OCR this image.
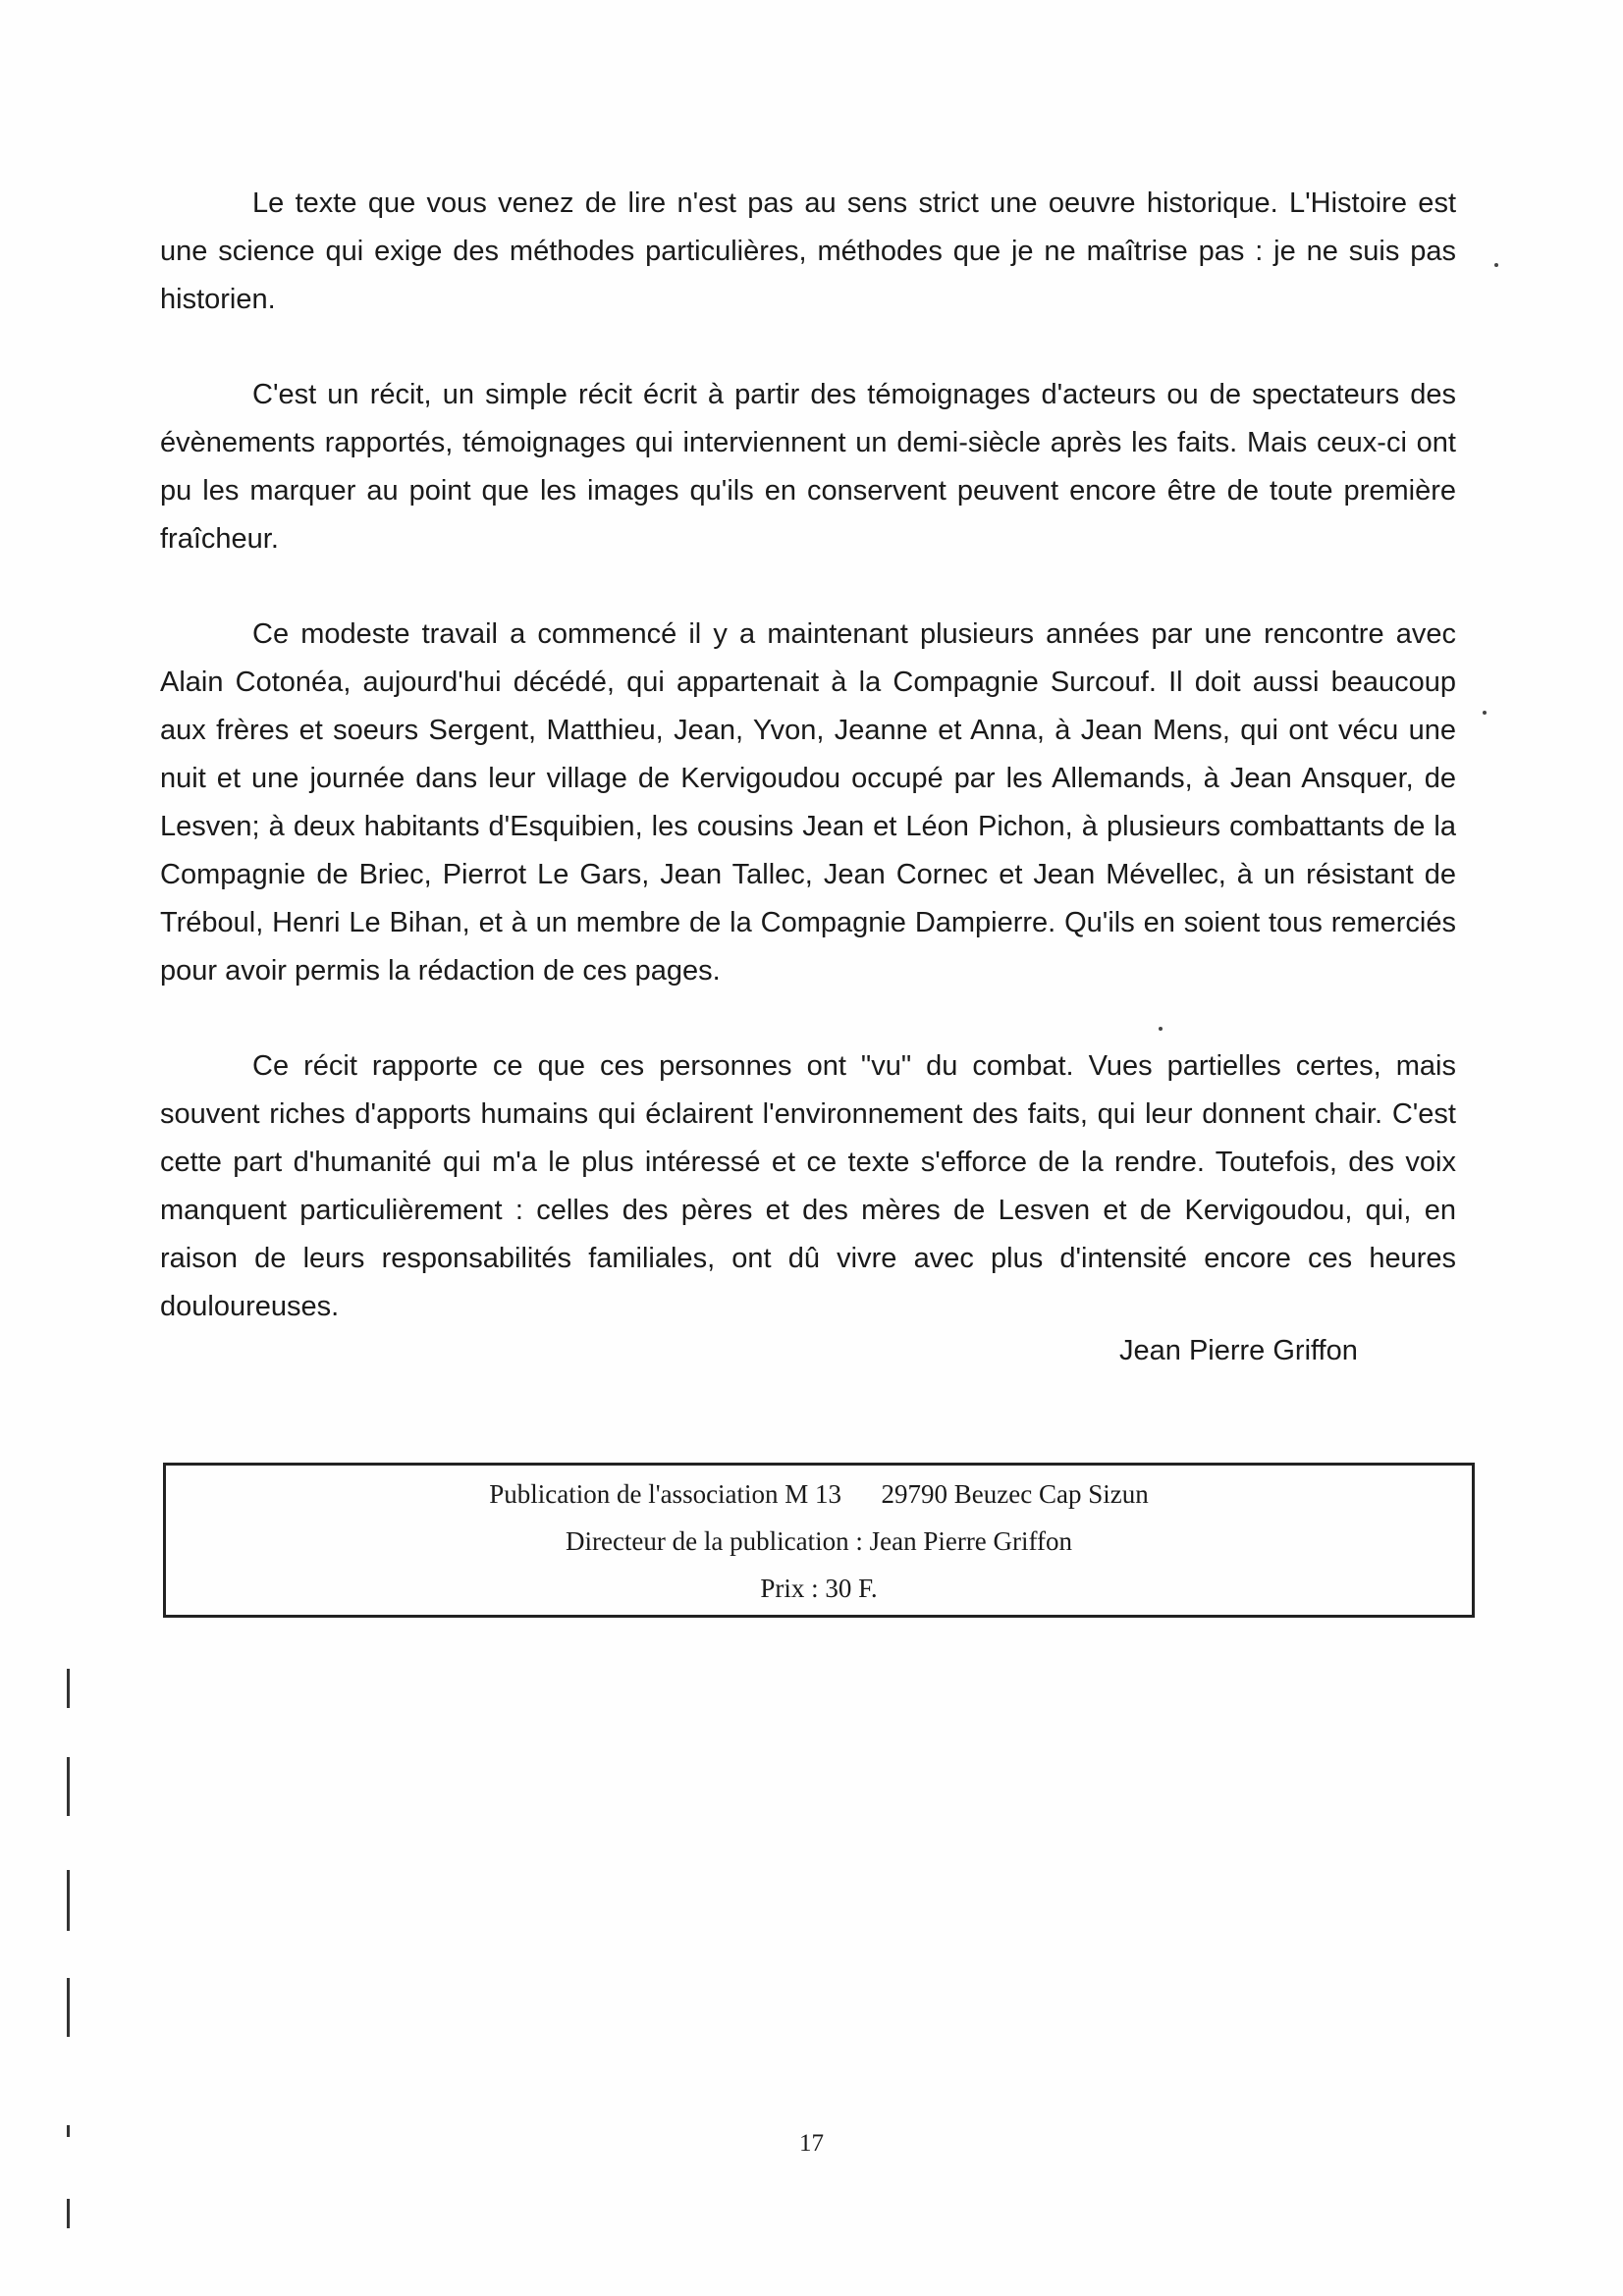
Le texte que vous venez de lire n'est pas au sens strict une oeuvre historique. L'Histoire est une science qui exige des méthodes particulières, méthodes que je ne maîtrise pas : je ne suis pas historien.

C'est un récit, un simple récit écrit à partir des témoignages d'acteurs ou de spectateurs des évènements rapportés, témoignages qui interviennent un demi-siècle après les faits. Mais ceux-ci ont pu les marquer au point que les images qu'ils en conservent peuvent encore être de toute première fraîcheur.

Ce modeste travail a commencé il y a maintenant plusieurs années par une rencontre avec Alain Cotonéa, aujourd'hui décédé, qui appartenait à la Compagnie Surcouf. Il doit aussi beaucoup aux frères et soeurs Sergent, Matthieu, Jean, Yvon, Jeanne et Anna, à Jean Mens, qui ont vécu une nuit et une journée dans leur village de Kervigoudou occupé par les Allemands, à Jean Ansquer, de Lesven; à deux habitants d'Esquibien, les cousins Jean et Léon Pichon, à plusieurs combattants de la Compagnie de Briec, Pierrot Le Gars, Jean Tallec, Jean Cornec et Jean Mévellec, à un résistant de Tréboul, Henri Le Bihan, et à un membre de la Compagnie Dampierre. Qu'ils en soient tous remerciés pour avoir permis la rédaction de ces pages.

Ce récit rapporte ce que ces personnes ont "vu" du combat. Vues partielles certes, mais souvent riches d'apports humains qui éclairent l'environnement des faits, qui leur donnent chair. C'est cette part d'humanité qui m'a le plus intéressé et ce texte s'efforce de la rendre. Toutefois, des voix manquent particulièrement : celles des pères et des mères de Lesven et de Kervigoudou, qui, en raison de leurs responsabilités familiales, ont dû vivre avec plus d'intensité encore ces heures douloureuses.

Jean Pierre Griffon
Publication de l'association M 13      29790 Beuzec Cap Sizun
Directeur de la publication : Jean Pierre Griffon
Prix : 30 F.
17
